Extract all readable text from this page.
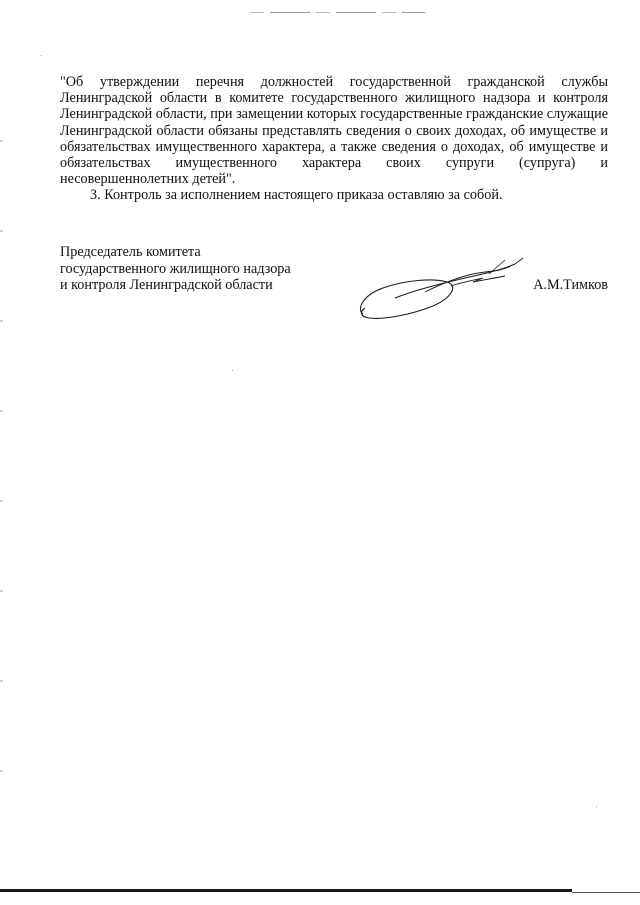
"Об утверждении перечня должностей государственной гражданской службы Ленинградской области в комитете государственного жилищного надзора и контроля Ленинградской области, при замещении которых государственные гражданские служащие Ленинградской области обязаны представлять сведения о своих доходах, об имуществе и обязательствах имущественного характера, а также сведения о доходах, об имуществе и обязательствах имущественного характера своих супруги (супруга) и несовершеннолетних детей".

3. Контроль за исполнением настоящего приказа оставляю за собой.

Председатель комитета
государственного жилищного надзора
и контроля Ленинградской области	А.М.Тимков
